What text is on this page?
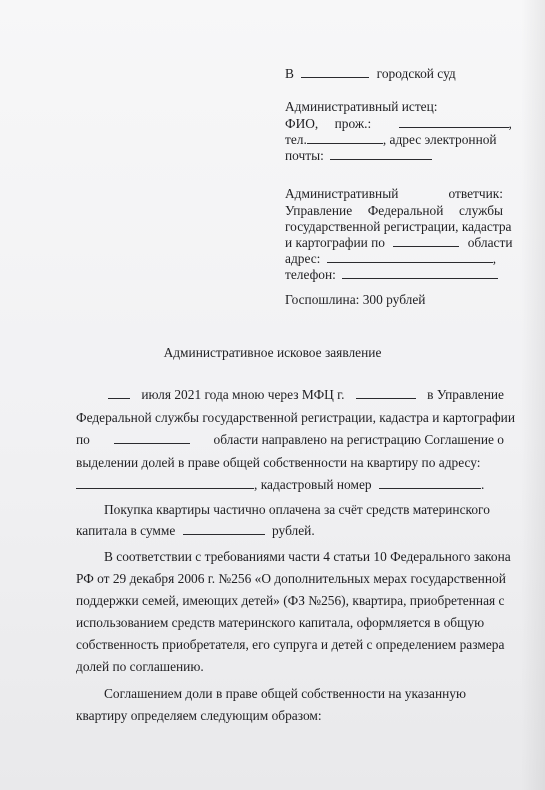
В	городской суд
Административный истец:
ФИО, прож.:	,
тел.	, адрес электронной
почты:
Административный	ответчик:
Управление Федеральной службы
государственной регистрации, кадастра
и картографии по	области
адрес:	,
телефон:
Госпошлина: 300 рублей
Административное исковое заявление
июля 2021 года мною через МФЦ г.	в Управление
Федеральной службы государственной регистрации, кадастра и картографии
по	области направлено на регистрацию Соглашение о
выделении долей в праве общей собственности на квартиру по адресу:
, кадастровый номер	.
Покупка квартиры частично оплачена за счёт средств материнского
капитала в сумме	рублей.
В соответствии с требованиями части 4 статьи 10 Федерального закона
РФ от 29 декабря 2006 г. №256 «О дополнительных мерах государственной
поддержки семей, имеющих детей» (ФЗ №256), квартира, приобретенная с
использованием средств материнского капитала, оформляется в общую
собственность приобретателя, его супруга и детей с определением размера
долей по соглашению.
Соглашением доли в праве общей собственности на указанную
квартиру определяем следующим образом:
